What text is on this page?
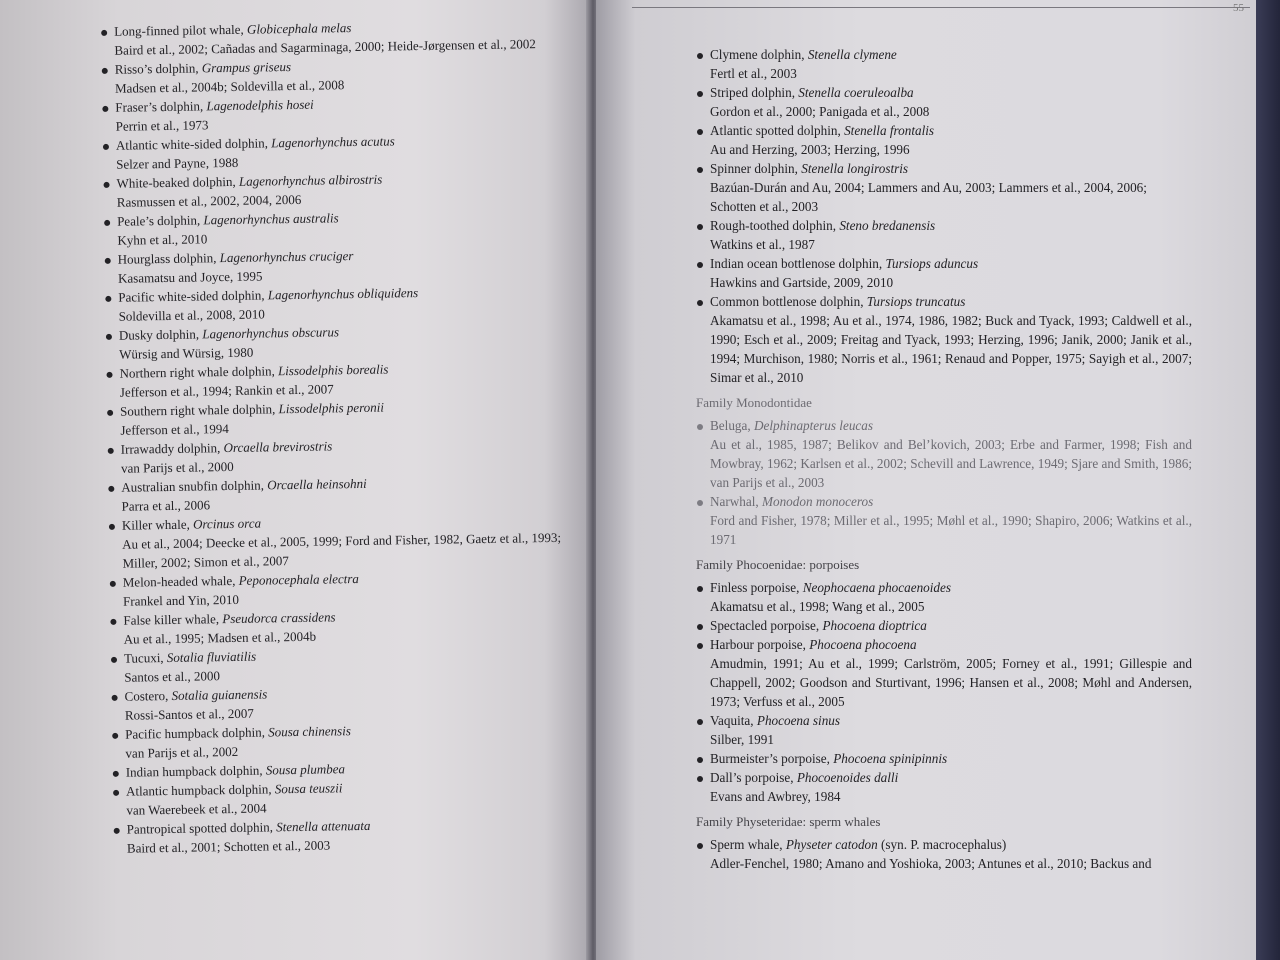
Long-finned pilot whale, Globicephala melas
Baird et al., 2002; Cañadas and Sagarminaga, 2000; Heide-Jørgensen et al., 2002
Risso’s dolphin, Grampus griseus
Madsen et al., 2004b; Soldevilla et al., 2008
Fraser’s dolphin, Lagenodelphis hosei
Perrin et al., 1973
Atlantic white-sided dolphin, Lagenorhynchus acutus
Selzer and Payne, 1988
White-beaked dolphin, Lagenorhynchus albirostris
Rasmussen et al., 2002, 2004, 2006
Peale’s dolphin, Lagenorhynchus australis
Kyhn et al., 2010
Hourglass dolphin, Lagenorhynchus cruciger
Kasamatsu and Joyce, 1995
Pacific white-sided dolphin, Lagenorhynchus obliquidens
Soldevilla et al., 2008, 2010
Dusky dolphin, Lagenorhynchus obscurus
Würsig and Würsig, 1980
Northern right whale dolphin, Lissodelphis borealis
Jefferson et al., 1994; Rankin et al., 2007
Southern right whale dolphin, Lissodelphis peronii
Jefferson et al., 1994
Irrawaddy dolphin, Orcaella brevirostris
van Parijs et al., 2000
Australian snubfin dolphin, Orcaella heinsohni
Parra et al., 2006
Killer whale, Orcinus orca
Au et al., 2004; Deecke et al., 2005, 1999; Ford and Fisher, 1982, Gaetz et al., 1993;
Miller, 2002; Simon et al., 2007
Melon-headed whale, Peponocephala electra
Frankel and Yin, 2010
False killer whale, Pseudorca crassidens
Au et al., 1995; Madsen et al., 2004b
Tucuxi, Sotalia fluviatilis
Santos et al., 2000
Costero, Sotalia guianensis
Rossi-Santos et al., 2007
Pacific humpback dolphin, Sousa chinensis
van Parijs et al., 2002
Indian humpback dolphin, Sousa plumbea
Atlantic humpback dolphin, Sousa teuszii
van Waerebeek et al., 2004
Pantropical spotted dolphin, Stenella attenuata
Baird et al., 2001; Schotten et al., 2003
55
Clymene dolphin, Stenella clymene
Fertl et al., 2003
Striped dolphin, Stenella coeruleoalba
Gordon et al., 2000; Panigada et al., 2008
Atlantic spotted dolphin, Stenella frontalis
Au and Herzing, 2003; Herzing, 1996
Spinner dolphin, Stenella longirostris
Bazúan-Durán and Au, 2004; Lammers and Au, 2003; Lammers et al., 2004, 2006;
Schotten et al., 2003
Rough-toothed dolphin, Steno bredanensis
Watkins et al., 1987
Indian ocean bottlenose dolphin, Tursiops aduncus
Hawkins and Gartside, 2009, 2010
Common bottlenose dolphin, Tursiops truncatus
Akamatsu et al., 1998; Au et al., 1974, 1986, 1982; Buck and Tyack, 1993; Caldwell et al., 1990; Esch et al., 2009; Freitag and Tyack, 1993; Herzing, 1996; Janik, 2000; Janik et al., 1994; Murchison, 1980; Norris et al., 1961; Renaud and Popper, 1975; Sayigh et al., 2007; Simar et al., 2010
Family Monodontidae
Beluga, Delphinapterus leucas
Au et al., 1985, 1987; Belikov and Bel’kovich, 2003; Erbe and Farmer, 1998; Fish and Mowbray, 1962; Karlsen et al., 2002; Schevill and Lawrence, 1949; Sjare and Smith, 1986; van Parijs et al., 2003
Narwhal, Monodon monoceros
Ford and Fisher, 1978; Miller et al., 1995; Møhl et al., 1990; Shapiro, 2006; Watkins et al., 1971
Family Phocoenidae: porpoises
Finless porpoise, Neophocaena phocaenoides
Akamatsu et al., 1998; Wang et al., 2005
Spectacled porpoise, Phocoena dioptrica
Harbour porpoise, Phocoena phocoena
Amudmin, 1991; Au et al., 1999; Carlström, 2005; Forney et al., 1991; Gillespie and Chappell, 2002; Goodson and Sturtivant, 1996; Hansen et al., 2008; Møhl and Andersen, 1973; Verfuss et al., 2005
Vaquita, Phocoena sinus
Silber, 1991
Burmeister’s porpoise, Phocoena spinipinnis
Dall’s porpoise, Phocoenoides dalli
Evans and Awbrey, 1984
Family Physeteridae: sperm whales
Sperm whale, Physeter catodon (syn. P. macrocephalus)
Adler-Fenchel, 1980; Amano and Yoshioka, 2003; Antunes et al., 2010; Backus and
